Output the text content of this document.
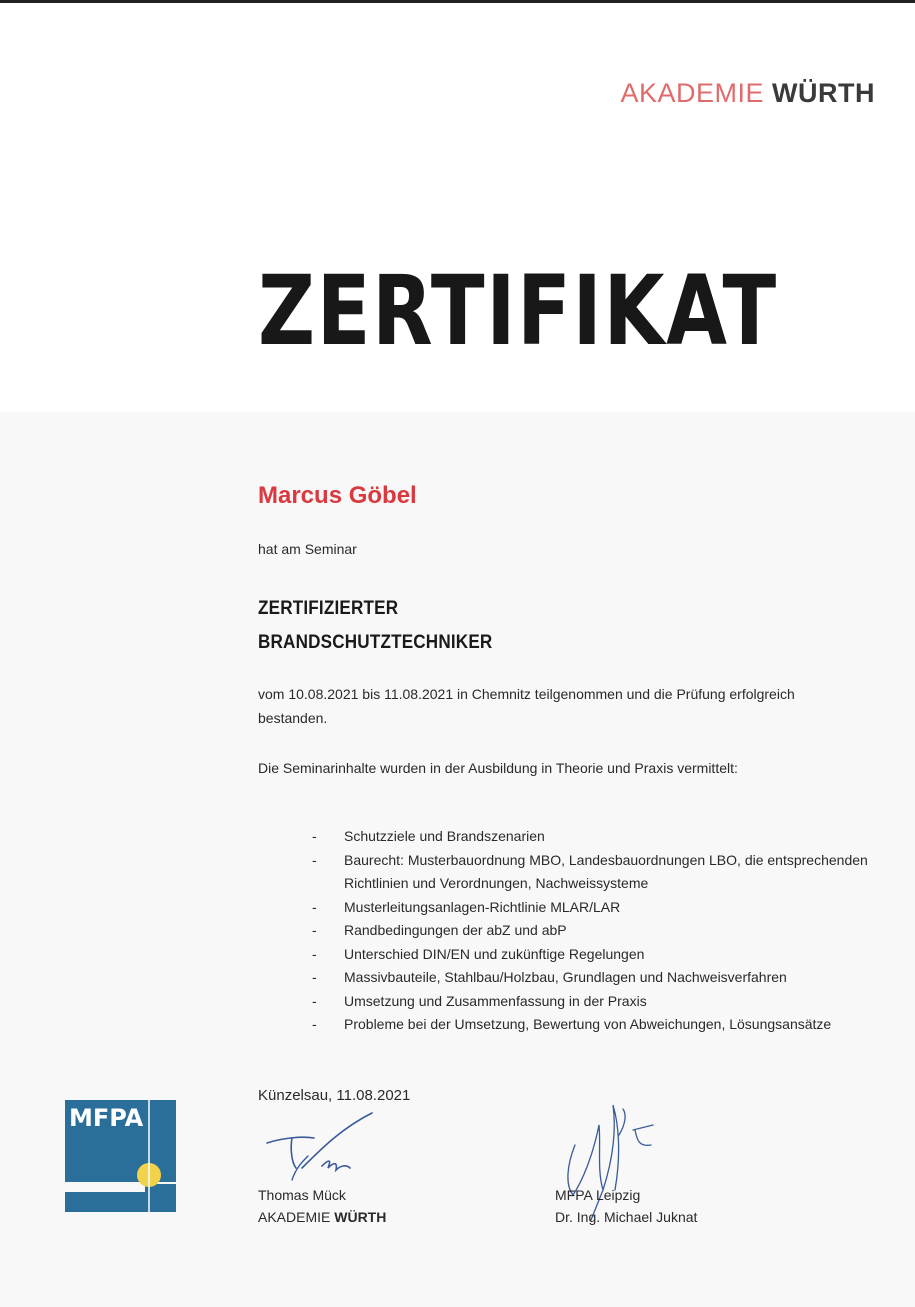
AKADEMIE WÜRTH
ZERTIFIKAT
Marcus Göbel
hat am Seminar
ZERTIFIZIERTER
BRANDSCHUTZTECHNIKER
vom 10.08.2021 bis 11.08.2021 in Chemnitz teilgenommen und die Prüfung erfolgreich bestanden.
Die Seminarinhalte wurden in der Ausbildung in Theorie und Praxis vermittelt:
- Schutzziele und Brandszenarien
- Baurecht: Musterbauordnung MBO, Landesbauordnungen LBO, die entsprechenden Richtlinien und Verordnungen, Nachweissysteme
- Musterleitungsanlagen-Richtlinie MLAR/LAR
- Randbedingungen der abZ und abP
- Unterschied DIN/EN und zukünftige Regelungen
- Massivbauteile, Stahlbau/Holzbau, Grundlagen und Nachweisverfahren
- Umsetzung und Zusammenfassung in der Praxis
- Probleme bei der Umsetzung, Bewertung von Abweichungen, Lösungsansätze
Künzelsau, 11.08.2021
MFPA
Thomas Mück
AKADEMIE WÜRTH
MFPA Leipzig
Dr. Ing. Michael Juknat
